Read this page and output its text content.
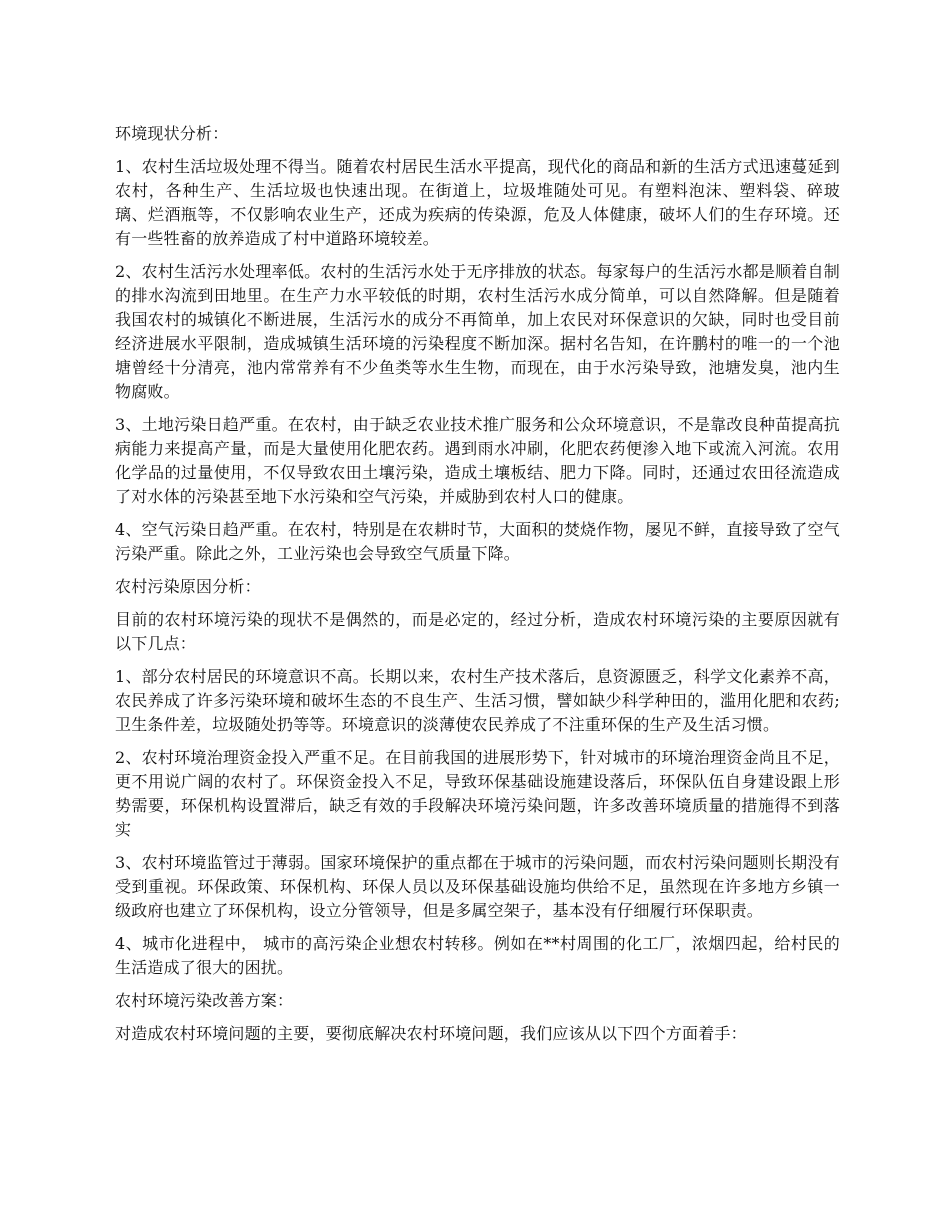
环境现状分析：

1、农村生活垃圾处理不得当。随着农村居民生活水平提高，现代化的商品和新的生活方式迅速蔓延到农村，各种生产、生活垃圾也快速出现。在街道上，垃圾堆随处可见。有塑料泡沫、塑料袋、碎玻璃、烂酒瓶等，不仅影响农业生产，还成为疾病的传染源，危及人体健康，破坏人们的生存环境。还有一些牲畜的放养造成了村中道路环境较差。

2、农村生活污水处理率低。农村的生活污水处于无序排放的状态。每家每户的生活污水都是顺着自制的排水沟流到田地里。在生产力水平较低的时期，农村生活污水成分简单，可以自然降解。但是随着我国农村的城镇化不断进展，生活污水的成分不再简单，加上农民对环保意识的欠缺，同时也受目前经济进展水平限制，造成城镇生活环境的污染程度不断加深。据村名告知，在许鹏村的唯一的一个池塘曾经十分清亮，池内常常养有不少鱼类等水生生物，而现在，由于水污染导致，池塘发臭，池内生物腐败。

3、土地污染日趋严重。在农村，由于缺乏农业技术推广服务和公众环境意识，不是靠改良种苗提高抗病能力来提高产量，而是大量使用化肥农药。遇到雨水冲刷，化肥农药便渗入地下或流入河流。农用化学品的过量使用，不仅导致农田土壤污染，造成土壤板结、肥力下降。同时，还通过农田径流造成了对水体的污染甚至地下水污染和空气污染，并威胁到农村人口的健康。

4、空气污染日趋严重。在农村，特别是在农耕时节，大面积的焚烧作物，屡见不鲜，直接导致了空气污染严重。除此之外，工业污染也会导致空气质量下降。

农村污染原因分析：

目前的农村环境污染的现状不是偶然的，而是必定的，经过分析，造成农村环境污染的主要原因就有以下几点：

1、部分农村居民的环境意识不高。长期以来，农村生产技术落后，息资源匮乏，科学文化素养不高，农民养成了许多污染环境和破坏生态的不良生产、生活习惯，譬如缺少科学种田的，滥用化肥和农药;卫生条件差，垃圾随处扔等等。环境意识的淡薄使农民养成了不注重环保的生产及生活习惯。

2、农村环境治理资金投入严重不足。在目前我国的进展形势下，针对城市的环境治理资金尚且不足，更不用说广阔的农村了。环保资金投入不足，导致环保基础设施建设落后，环保队伍自身建设跟上形势需要，环保机构设置滞后，缺乏有效的手段解决环境污染问题，许多改善环境质量的措施得不到落实

3、农村环境监管过于薄弱。国家环境保护的重点都在于城市的污染问题，而农村污染问题则长期没有受到重视。环保政策、环保机构、环保人员以及环保基础设施均供给不足，虽然现在许多地方乡镇一级政府也建立了环保机构，设立分管领导，但是多属空架子，基本没有仔细履行环保职责。

4、城市化进程中， 城市的高污染企业想农村转移。例如在**村周围的化工厂，浓烟四起，给村民的生活造成了很大的困扰。

农村环境污染改善方案：

对造成农村环境问题的主要，要彻底解决农村环境问题，我们应该从以下四个方面着手：
